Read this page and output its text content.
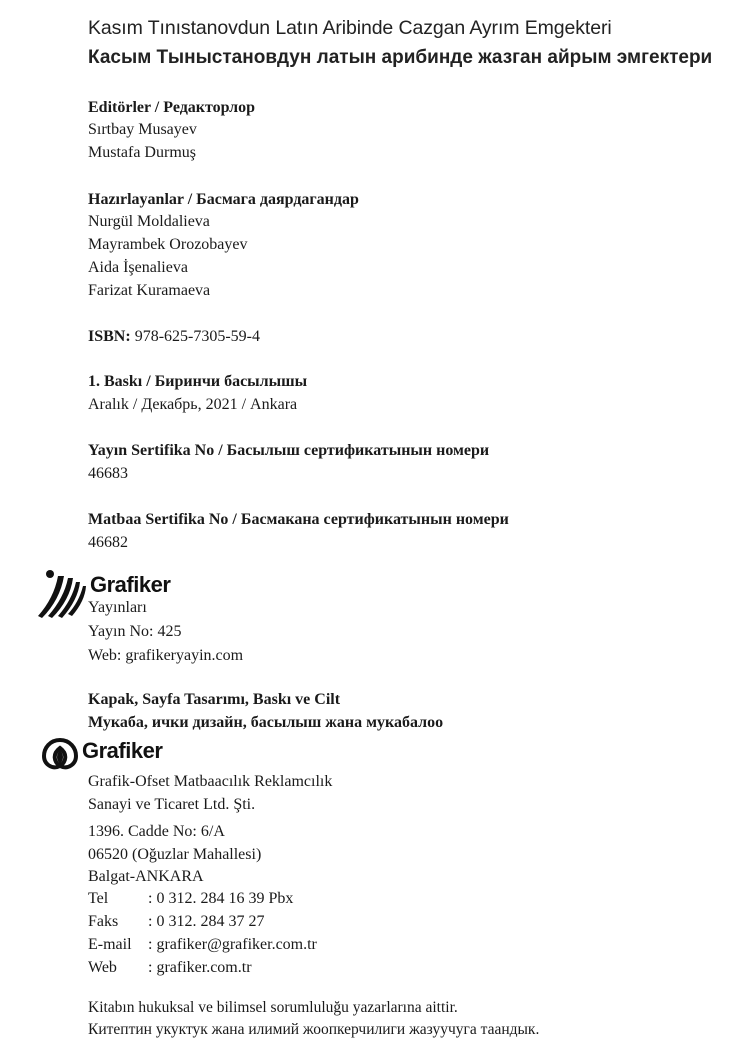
Kasım Tınıstanovdun Latın Aribinde Cazgan Ayrım Emgekteri
Касым Тыныстановдун латын арибинде жазган айрым эмгектери
Editörler / Редакторлор
Sırtbay Musayev
Mustafa Durmuş
Hazırlayanlar / Басмага даярдагандар
Nurgül Moldalieva
Mayrambek Orozobayev
Aida İşenalieva
Farizat Kuramaeva
ISBN: 978-625-7305-59-4
1. Baskı / Биринчи басылышы
Aralık / Декабрь, 2021 / Ankara
Yayın Sertifika No / Басылыш сертификатынын номери
46683
Matbaa Sertifika No / Басмакана сертификатынын номери
46682
Grafiker
Yayınları
Yayın No: 425
Web: grafikeryayin.com
Kapak, Sayfa Tasarımı, Baskı ve Cilt
Мукаба, ички дизайн, басылыш жана мукабалоо
Grafiker
Grafik-Ofset Matbaacılık Reklamcılık
Sanayi ve Ticaret Ltd. Şti.
1396. Cadde No: 6/A
06520 (Oğuzlar Mahallesi)
Balgat-ANKARA
Tel : 0 312. 284 16 39 Pbx
Faks : 0 312. 284 37 27
E-mail : grafiker@grafiker.com.tr
Web : grafiker.com.tr
Kitabın hukuksal ve bilimsel sorumluluğu yazarlarına aittir.
Китептин укуктук жана илимий жоопкерчилиги жазуучуга таандык.
